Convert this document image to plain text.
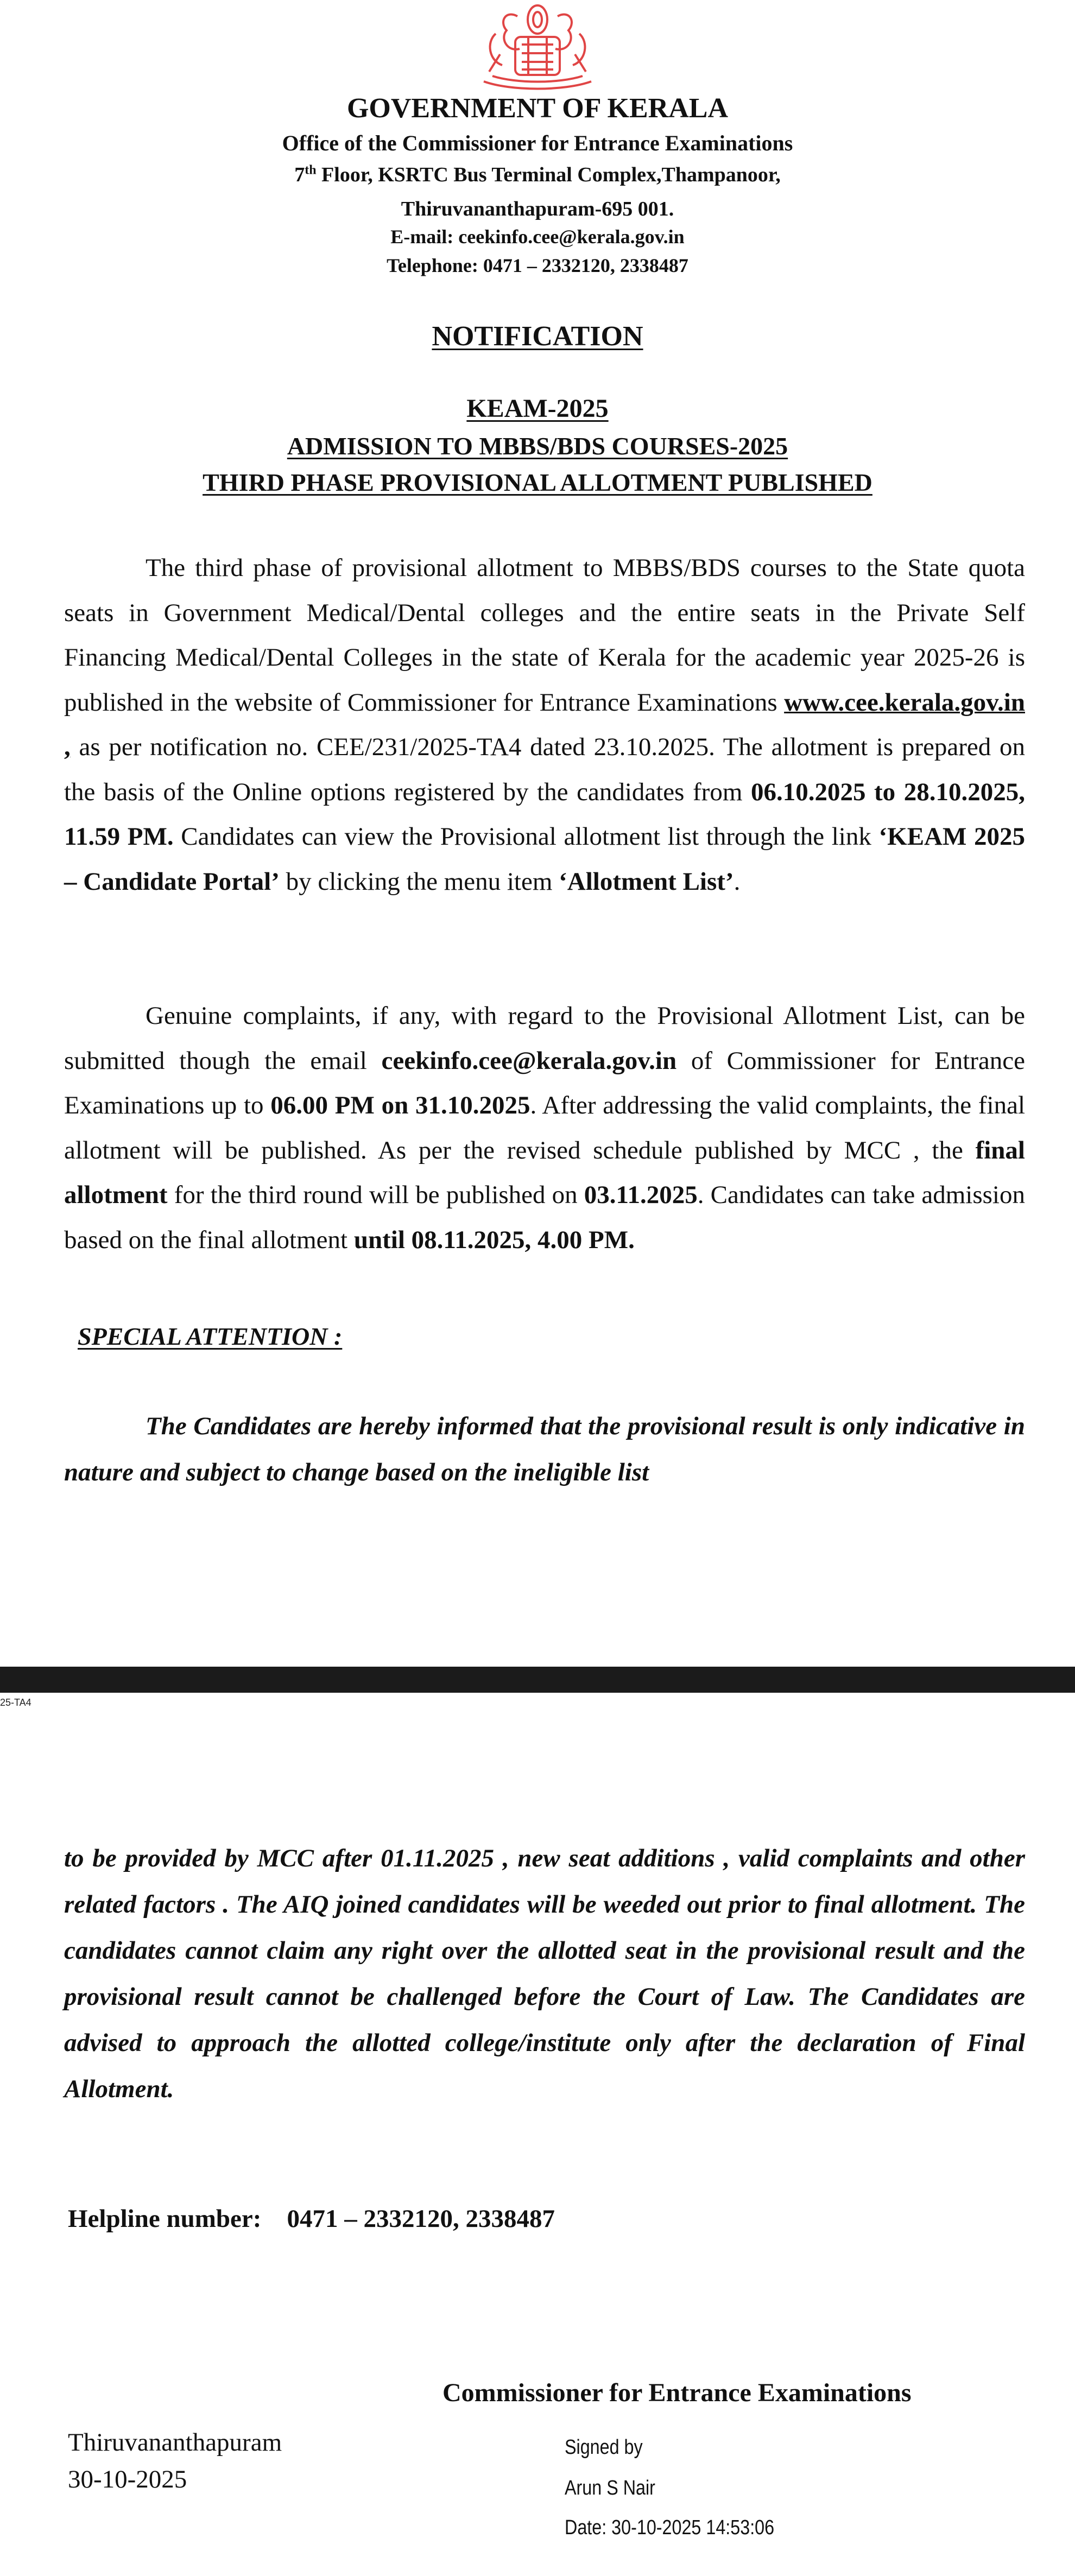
GOVERNMENT OF KERALA
Office of the Commissioner for Entrance Examinations
7th Floor, KSRTC Bus Terminal Complex,Thampanoor,
Thiruvananthapuram-695 001.
E-mail: ceekinfo.cee@kerala.gov.in
Telephone: 0471 – 2332120, 2338487
NOTIFICATION
KEAM-2025
ADMISSION TO MBBS/BDS COURSES-2025
THIRD PHASE PROVISIONAL ALLOTMENT PUBLISHED

The third phase of provisional allotment to MBBS/BDS courses to the State quota seats in Government Medical/Dental colleges and the entire seats in the Private Self Financing Medical/Dental Colleges in the state of Kerala for the academic year 2025-26 is published in the website of Commissioner for Entrance Examinations www.cee.kerala.gov.in , as per notification no. CEE/231/2025-TA4 dated 23.10.2025. The allotment is prepared on the basis of the Online options registered by the candidates from 06.10.2025 to 28.10.2025, 11.59 PM. Candidates can view the Provisional allotment list through the link ‘KEAM 2025 – Candidate Portal’ by clicking the menu item ‘Allotment List’.

Genuine complaints, if any, with regard to the Provisional Allotment List, can be submitted though the email ceekinfo.cee@kerala.gov.in of Commissioner for Entrance Examinations up to 06.00 PM on 31.10.2025. After addressing the valid complaints, the final allotment will be published. As per the revised schedule published by MCC , the final allotment for the third round will be published on 03.11.2025. Candidates can take admission based on the final allotment until 08.11.2025, 4.00 PM.

SPECIAL ATTENTION :

The Candidates are hereby informed that the provisional result is only indicative in nature and subject to change based on the ineligible list

25-TA4

to be provided by MCC after 01.11.2025 , new seat additions , valid complaints and other related factors . The AIQ joined candidates will be weeded out prior to final allotment. The candidates cannot claim any right over the allotted seat in the provisional result and the provisional result cannot be challenged before the Court of Law. The Candidates are advised to approach the allotted college/institute only after the declaration of Final Allotment.

Helpline number: 0471 – 2332120, 2338487
Commissioner for Entrance Examinations
Thiruvananthapuram
30-10-2025
Signed by
Arun S Nair
Date: 30-10-2025 14:53:06
